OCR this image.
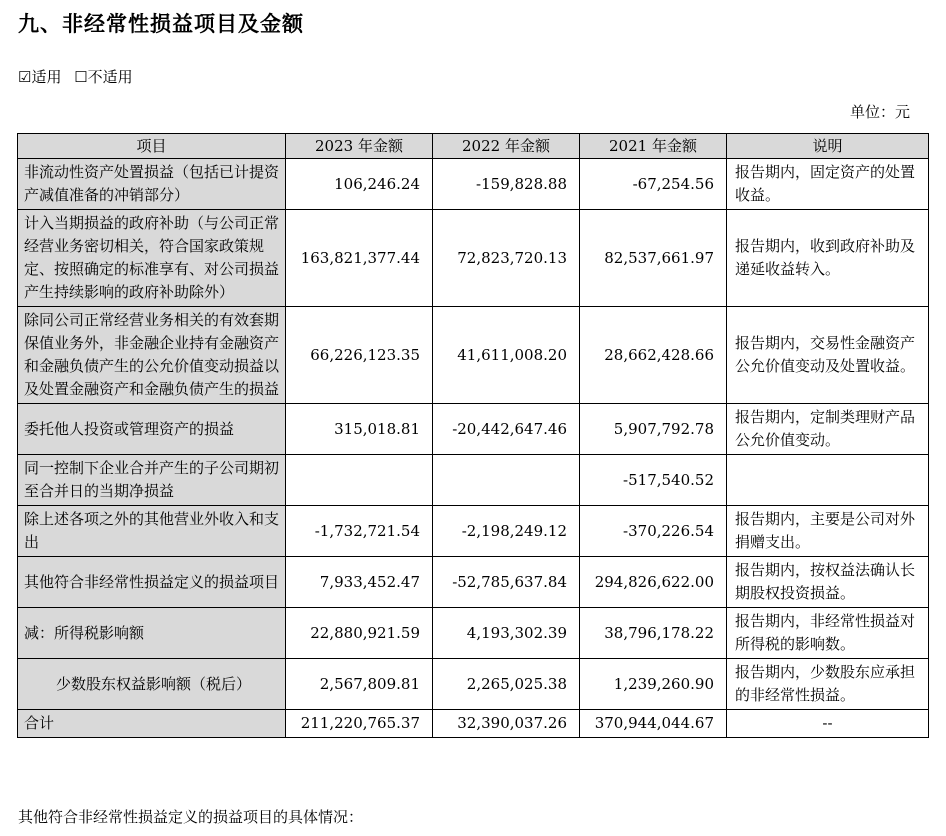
九、非经常性损益项目及金额
☑适用 ☐不适用
单位：元
项目	2023 年金额	2022 年金额	2021 年金额	说明
非流动性资产处置损益（包括已计提资产减值准备的冲销部分）	106,246.24	-159,828.88	-67,254.56	报告期内，固定资产的处置收益。
计入当期损益的政府补助（与公司正常经营业务密切相关，符合国家政策规定、按照确定的标准享有、对公司损益产生持续影响的政府补助除外）	163,821,377.44	72,823,720.13	82,537,661.97	报告期内，收到政府补助及递延收益转入。
除同公司正常经营业务相关的有效套期保值业务外，非金融企业持有金融资产和金融负债产生的公允价值变动损益以及处置金融资产和金融负债产生的损益	66,226,123.35	41,611,008.20	28,662,428.66	报告期内，交易性金融资产公允价值变动及处置收益。
委托他人投资或管理资产的损益	315,018.81	-20,442,647.46	5,907,792.78	报告期内，定制类理财产品公允价值变动。
同一控制下企业合并产生的子公司期初至合并日的当期净损益			-517,540.52	
除上述各项之外的其他营业外收入和支出	-1,732,721.54	-2,198,249.12	-370,226.54	报告期内，主要是公司对外捐赠支出。
其他符合非经常性损益定义的损益项目	7,933,452.47	-52,785,637.84	294,826,622.00	报告期内，按权益法确认长期股权投资损益。
减：所得税影响额	22,880,921.59	4,193,302.39	38,796,178.22	报告期内，非经常性损益对所得税的影响数。
少数股东权益影响额（税后）	2,567,809.81	2,265,025.38	1,239,260.90	报告期内，少数股东应承担的非经常性损益。
合计	211,220,765.37	32,390,037.26	370,944,044.67	--
其他符合非经常性损益定义的损益项目的具体情况：
